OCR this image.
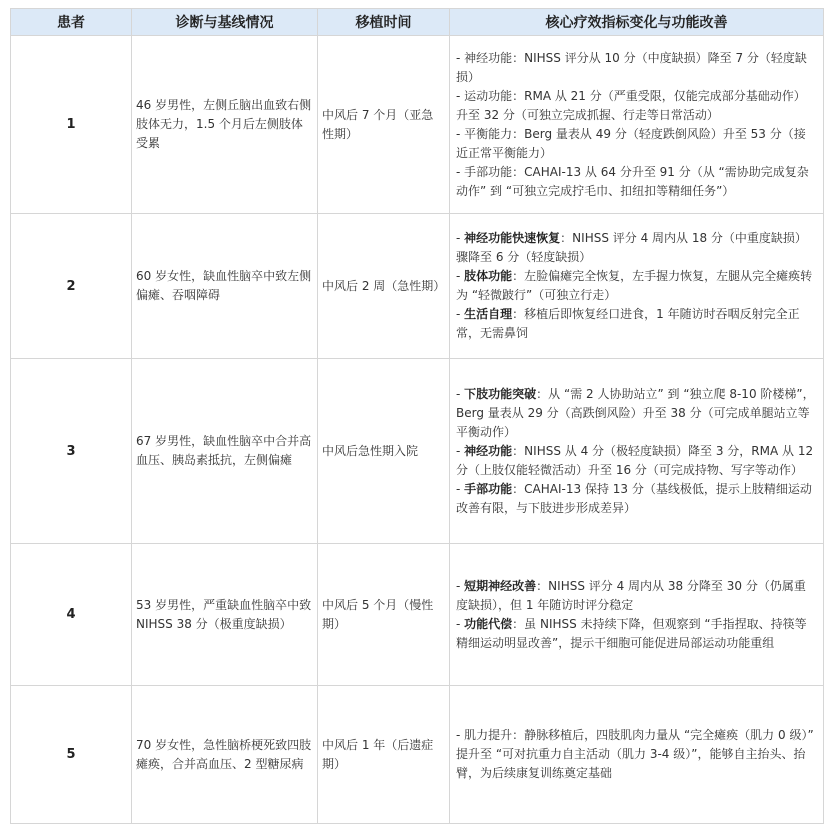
患者	诊断与基线情况	移植时间	核心疗效指标变化与功能改善
1	46 岁男性，左侧丘脑出血致右侧肢体无力，1.5 个月后左侧肢体受累	中风后 7 个月（亚急性期）	- 神经功能：NIHSS 评分从 10 分（中度缺损）降至 7 分（轻度缺损）
- 运动功能：RMA 从 21 分（严重受限，仅能完成部分基础动作）升至 32 分（可独立完成抓握、行走等日常活动）
- 平衡能力：Berg 量表从 49 分（轻度跌倒风险）升至 53 分（接近正常平衡能力）
- 手部功能：CAHAI-13 从 64 分升至 91 分（从 “需协助完成复杂动作” 到 “可独立完成拧毛巾、扣纽扣等精细任务”）

2	60 岁女性，缺血性脑卒中致左侧偏瘫、吞咽障碍	中风后 2 周（急性期）	- 神经功能快速恢复：NIHSS 评分 4 周内从 18 分（中重度缺损）骤降至 6 分（轻度缺损）
- 肢体功能：左脸偏瘫完全恢复，左手握力恢复，左腿从完全瘫痪转为 “轻微跛行”（可独立行走）
- 生活自理：移植后即恢复经口进食，1 年随访时吞咽反射完全正常，无需鼻饲

3	67 岁男性，缺血性脑卒中合并高血压、胰岛素抵抗，左侧偏瘫	中风后急性期入院	- 下肢功能突破：从 “需 2 人协助站立” 到 “独立爬 8-10 阶楼梯”，Berg 量表从 29 分（高跌倒风险）升至 38 分（可完成单腿站立等平衡动作）
- 神经功能：NIHSS 从 4 分（极轻度缺损）降至 3 分，RMA 从 12 分（上肢仅能轻微活动）升至 16 分（可完成持物、写字等动作）
- 手部功能：CAHAI-13 保持 13 分（基线极低，提示上肢精细运动改善有限，与下肢进步形成差异）

4	53 岁男性，严重缺血性脑卒中致 NIHSS 38 分（极重度缺损）	中风后 5 个月（慢性期）	- 短期神经改善：NIHSS 评分 4 周内从 38 分降至 30 分（仍属重度缺损），但 1 年随访时评分稳定
- 功能代偿：虽 NIHSS 未持续下降，但观察到 “手指捏取、持筷等精细运动明显改善”，提示干细胞可能促进局部运动功能重组

5	70 岁女性，急性脑桥梗死致四肢瘫痪，合并高血压、2 型糖尿病	中风后 1 年（后遗症期）	- 肌力提升：静脉移植后，四肢肌肉力量从 “完全瘫痪（肌力 0 级）” 提升至 “可对抗重力自主活动（肌力 3-4 级）”，能够自主抬头、抬臂，为后续康复训练奠定基础
